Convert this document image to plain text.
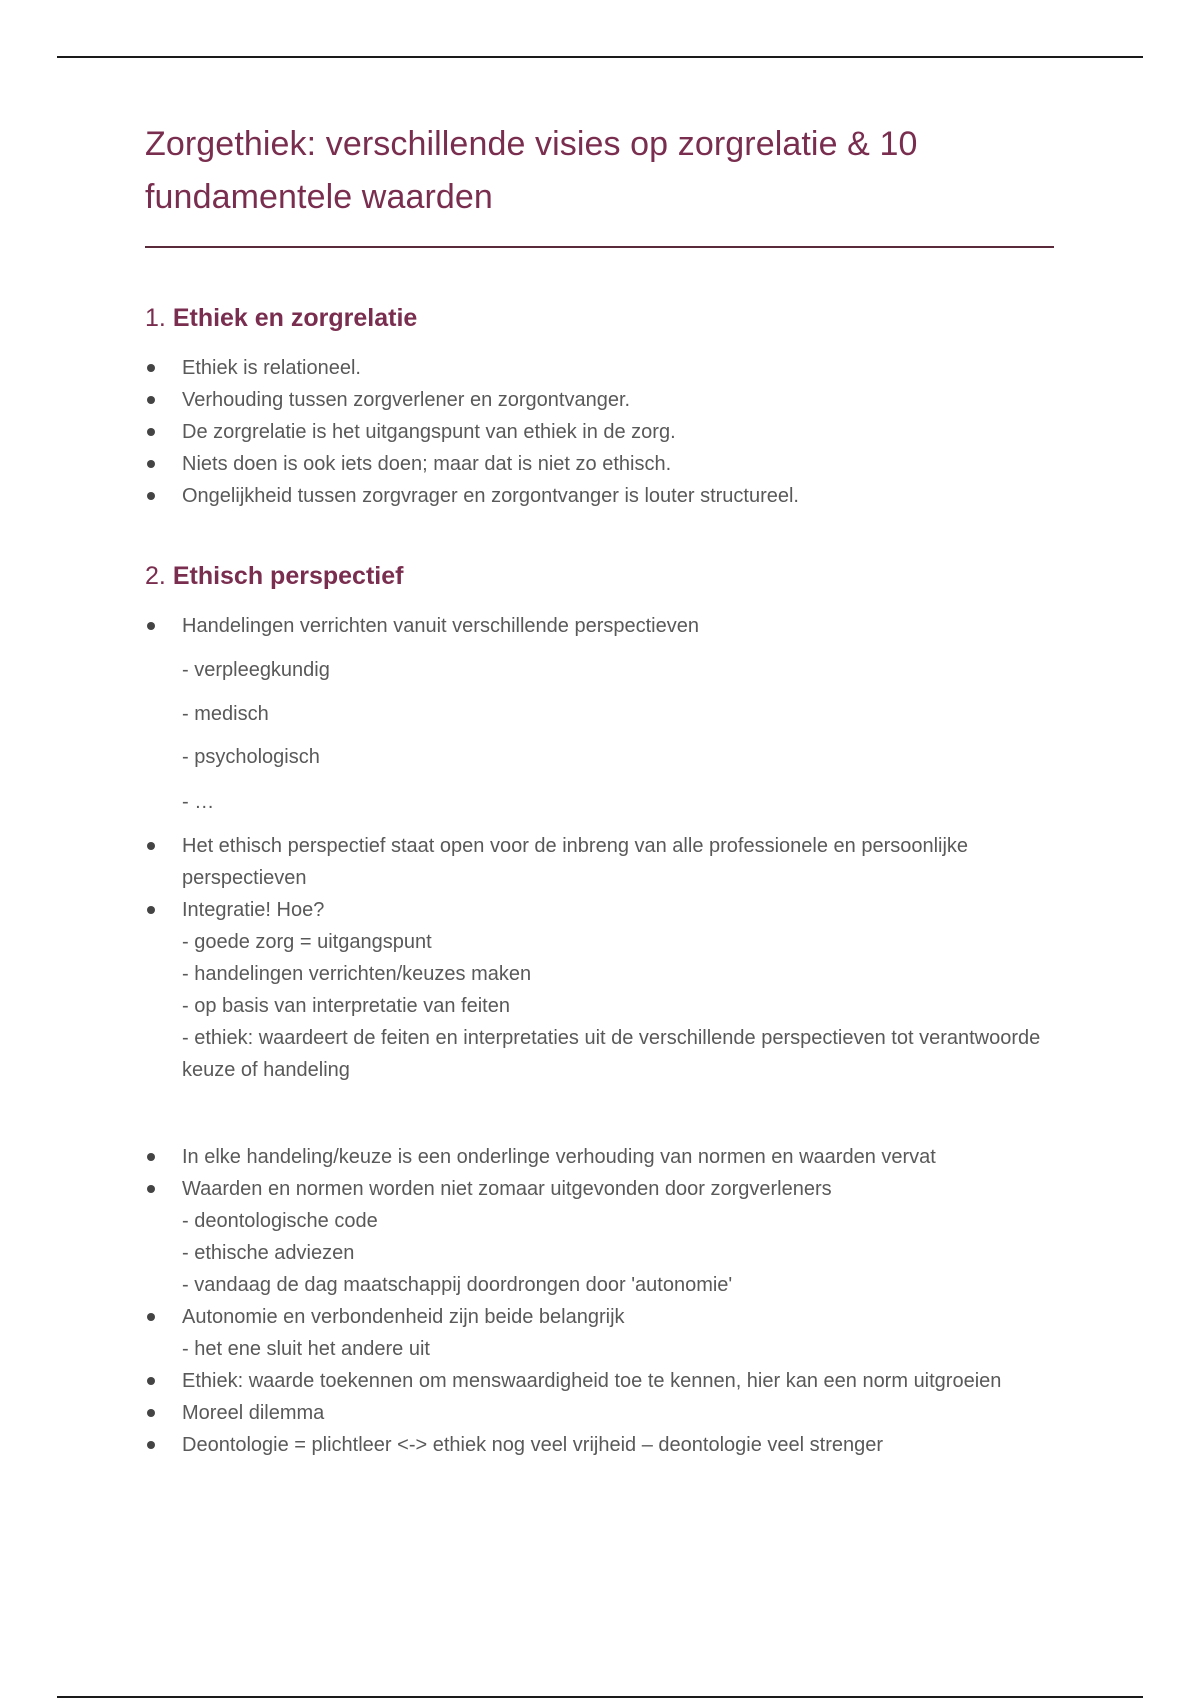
Zorgethiek: verschillende visies op zorgrelatie & 10 fundamentele waarden
1. Ethiek en zorgrelatie
Ethiek is relationeel.
Verhouding tussen zorgverlener en zorgontvanger.
De zorgrelatie is het uitgangspunt van ethiek in de zorg.
Niets doen is ook iets doen; maar dat is niet zo ethisch.
Ongelijkheid tussen zorgvrager en zorgontvanger is louter structureel.
2. Ethisch perspectief
Handelingen verrichten vanuit verschillende perspectieven
- verpleegkundig
- medisch
- psychologisch
- …
Het ethisch perspectief staat open voor de inbreng van alle professionele en persoonlijke perspectieven
Integratie! Hoe?
- goede zorg = uitgangspunt
- handelingen verrichten/keuzes maken
- op basis van interpretatie van feiten
- ethiek: waardeert de feiten en interpretaties uit de verschillende perspectieven tot verantwoorde keuze of handeling
In elke handeling/keuze is een onderlinge verhouding van normen en waarden vervat
Waarden en normen worden niet zomaar uitgevonden door zorgverleners
- deontologische code
- ethische adviezen
- vandaag de dag maatschappij doordrongen door 'autonomie'
Autonomie en verbondenheid zijn beide belangrijk
- het ene sluit het andere uit
Ethiek: waarde toekennen om menswaardigheid toe te kennen, hier kan een norm uitgroeien
Moreel dilemma
Deontologie = plichtleer <-> ethiek nog veel vrijheid – deontologie veel strenger
